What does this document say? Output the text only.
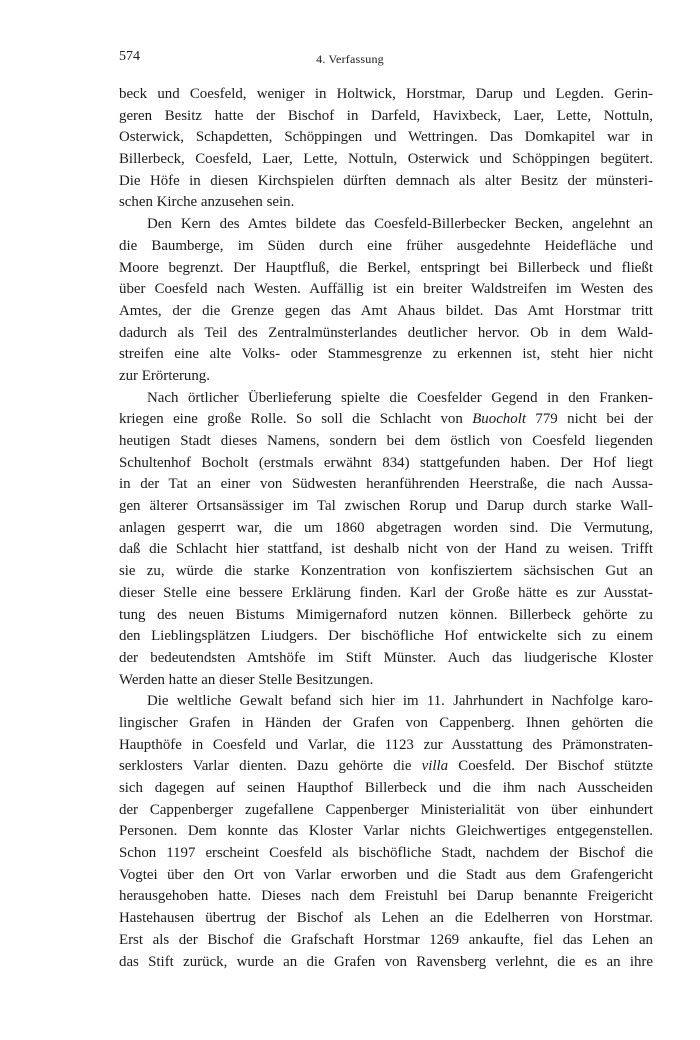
574	4. Verfassung
beck und Coesfeld, weniger in Holtwick, Horstmar, Darup und Legden. Gerin-
geren Besitz hatte der Bischof in Darfeld, Havixbeck, Laer, Lette, Nottuln,
Osterwick, Schapdetten, Schöppingen und Wettringen. Das Domkapitel war in
Billerbeck, Coesfeld, Laer, Lette, Nottuln, Osterwick und Schöppingen begütert.
Die Höfe in diesen Kirchspielen dürften demnach als alter Besitz der münsteri-
schen Kirche anzusehen sein.
Den Kern des Amtes bildete das Coesfeld-Billerbecker Becken, angelehnt an
die Baumberge, im Süden durch eine früher ausgedehnte Heidefläche und
Moore begrenzt. Der Hauptfluß, die Berkel, entspringt bei Billerbeck und fließt
über Coesfeld nach Westen. Auffällig ist ein breiter Waldstreifen im Westen des
Amtes, der die Grenze gegen das Amt Ahaus bildet. Das Amt Horstmar tritt
dadurch als Teil des Zentralmünsterlandes deutlicher hervor. Ob in dem Wald-
streifen eine alte Volks- oder Stammesgrenze zu erkennen ist, steht hier nicht
zur Erörterung.
Nach örtlicher Überlieferung spielte die Coesfelder Gegend in den Franken-
kriegen eine große Rolle. So soll die Schlacht von Buocholt 779 nicht bei der
heutigen Stadt dieses Namens, sondern bei dem östlich von Coesfeld liegenden
Schultenhof Bocholt (erstmals erwähnt 834) stattgefunden haben. Der Hof liegt
in der Tat an einer von Südwesten heranführenden Heerstraße, die nach Aussa-
gen älterer Ortsansässiger im Tal zwischen Rorup und Darup durch starke Wall-
anlagen gesperrt war, die um 1860 abgetragen worden sind. Die Vermutung,
daß die Schlacht hier stattfand, ist deshalb nicht von der Hand zu weisen. Trifft
sie zu, würde die starke Konzentration von konfisziertem sächsischen Gut an
dieser Stelle eine bessere Erklärung finden. Karl der Große hätte es zur Ausstat-
tung des neuen Bistums Mimigernaford nutzen können. Billerbeck gehörte zu
den Lieblingsplätzen Liudgers. Der bischöfliche Hof entwickelte sich zu einem
der bedeutendsten Amtshöfe im Stift Münster. Auch das liudgerische Kloster
Werden hatte an dieser Stelle Besitzungen.
Die weltliche Gewalt befand sich hier im 11. Jahrhundert in Nachfolge karo-
lingischer Grafen in Händen der Grafen von Cappenberg. Ihnen gehörten die
Haupthöfe in Coesfeld und Varlar, die 1123 zur Ausstattung des Prämonstraten-
serklosters Varlar dienten. Dazu gehörte die villa Coesfeld. Der Bischof stützte
sich dagegen auf seinen Haupthof Billerbeck und die ihm nach Ausscheiden
der Cappenberger zugefallene Cappenberger Ministerialität von über einhundert
Personen. Dem konnte das Kloster Varlar nichts Gleichwertiges entgegenstellen.
Schon 1197 erscheint Coesfeld als bischöfliche Stadt, nachdem der Bischof die
Vogtei über den Ort von Varlar erworben und die Stadt aus dem Grafengericht
herausgehoben hatte. Dieses nach dem Freistuhl bei Darup benannte Freigericht
Hastehausen übertrug der Bischof als Lehen an die Edelherren von Horstmar.
Erst als der Bischof die Grafschaft Horstmar 1269 ankaufte, fiel das Lehen an
das Stift zurück, wurde an die Grafen von Ravensberg verlehnt, die es an ihre
